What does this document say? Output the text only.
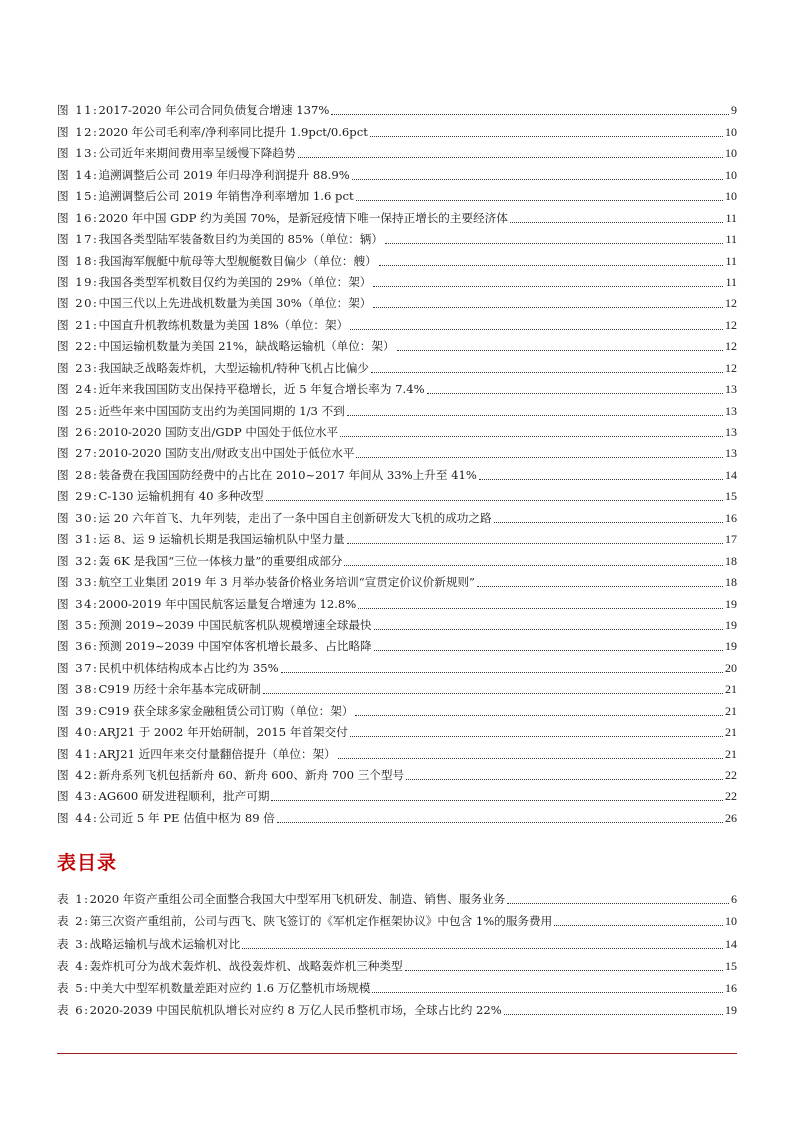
图 11: 2017-2020 年公司合同负债复合增速 137%	9
图 12: 2020 年公司毛利率/净利率同比提升 1.9pct/0.6pct	10
图 13: 公司近年来期间费用率呈缓慢下降趋势	10
图 14: 追溯调整后公司 2019 年归母净利润提升 88.9%	10
图 15: 追溯调整后公司 2019 年销售净利率增加 1.6 pct	10
图 16: 2020 年中国 GDP 约为美国 70%，是新冠疫情下唯一保持正增长的主要经济体	11
图 17: 我国各类型陆军装备数目约为美国的 85%（单位：辆）	11
图 18: 我国海军舰艇中航母等大型舰艇数目偏少（单位：艘）	11
图 19: 我国各类型军机数目仅约为美国的 29%（单位：架）	11
图 20: 中国三代以上先进战机数量为美国 30%（单位：架）	12
图 21: 中国直升机教练机数量为美国 18%（单位：架）	12
图 22: 中国运输机数量为美国 21%，缺战略运输机（单位：架）	12
图 23: 我国缺乏战略轰炸机，大型运输机/特种飞机占比偏少	12
图 24: 近年来我国国防支出保持平稳增长，近 5 年复合增长率为 7.4%	13
图 25: 近些年来中国国防支出约为美国同期的 1/3 不到	13
图 26: 2010-2020 国防支出/GDP 中国处于低位水平	13
图 27: 2010-2020 国防支出/财政支出中国处于低位水平	13
图 28: 装备费在我国国防经费中的占比在 2010~2017 年间从 33%上升至 41%	14
图 29: C-130 运输机拥有 40 多种改型	15
图 30: 运 20 六年首飞、九年列装，走出了一条中国自主创新研发大飞机的成功之路	16
图 31: 运 8、运 9 运输机长期是我国运输机队中坚力量	17
图 32: 轰 6K 是我国“三位一体核力量”的重要组成部分	18
图 33: 航空工业集团 2019 年 3 月举办装备价格业务培训“宣贯定价议价新规则”	18
图 34: 2000-2019 年中国民航客运量复合增速为 12.8%	19
图 35: 预测 2019~2039 中国民航客机队规模增速全球最快	19
图 36: 预测 2019~2039 中国窄体客机增长最多、占比略降	19
图 37: 民机中机体结构成本占比约为 35%	20
图 38: C919 历经十余年基本完成研制	21
图 39: C919 获全球多家金融租赁公司订购（单位：架）	21
图 40: ARJ21 于 2002 年开始研制，2015 年首架交付	21
图 41: ARJ21 近四年来交付量翻倍提升（单位：架）	21
图 42: 新舟系列飞机包括新舟 60、新舟 600、新舟 700 三个型号	22
图 43: AG600 研发进程顺利，批产可期	22
图 44: 公司近 5 年 PE 估值中枢为 89 倍	26
表目录
表 1: 2020 年资产重组公司全面整合我国大中型军用飞机研发、制造、销售、服务业务	6
表 2: 第三次资产重组前，公司与西飞、陕飞签订的《军机定作框架协议》中包含 1%的服务费用	10
表 3: 战略运输机与战术运输机对比	14
表 4: 轰炸机可分为战术轰炸机、战役轰炸机、战略轰炸机三种类型	15
表 5: 中美大中型军机数量差距对应约 1.6 万亿整机市场规模	16
表 6: 2020-2039 中国民航机队增长对应约 8 万亿人民币整机市场，全球占比约 22%	19
